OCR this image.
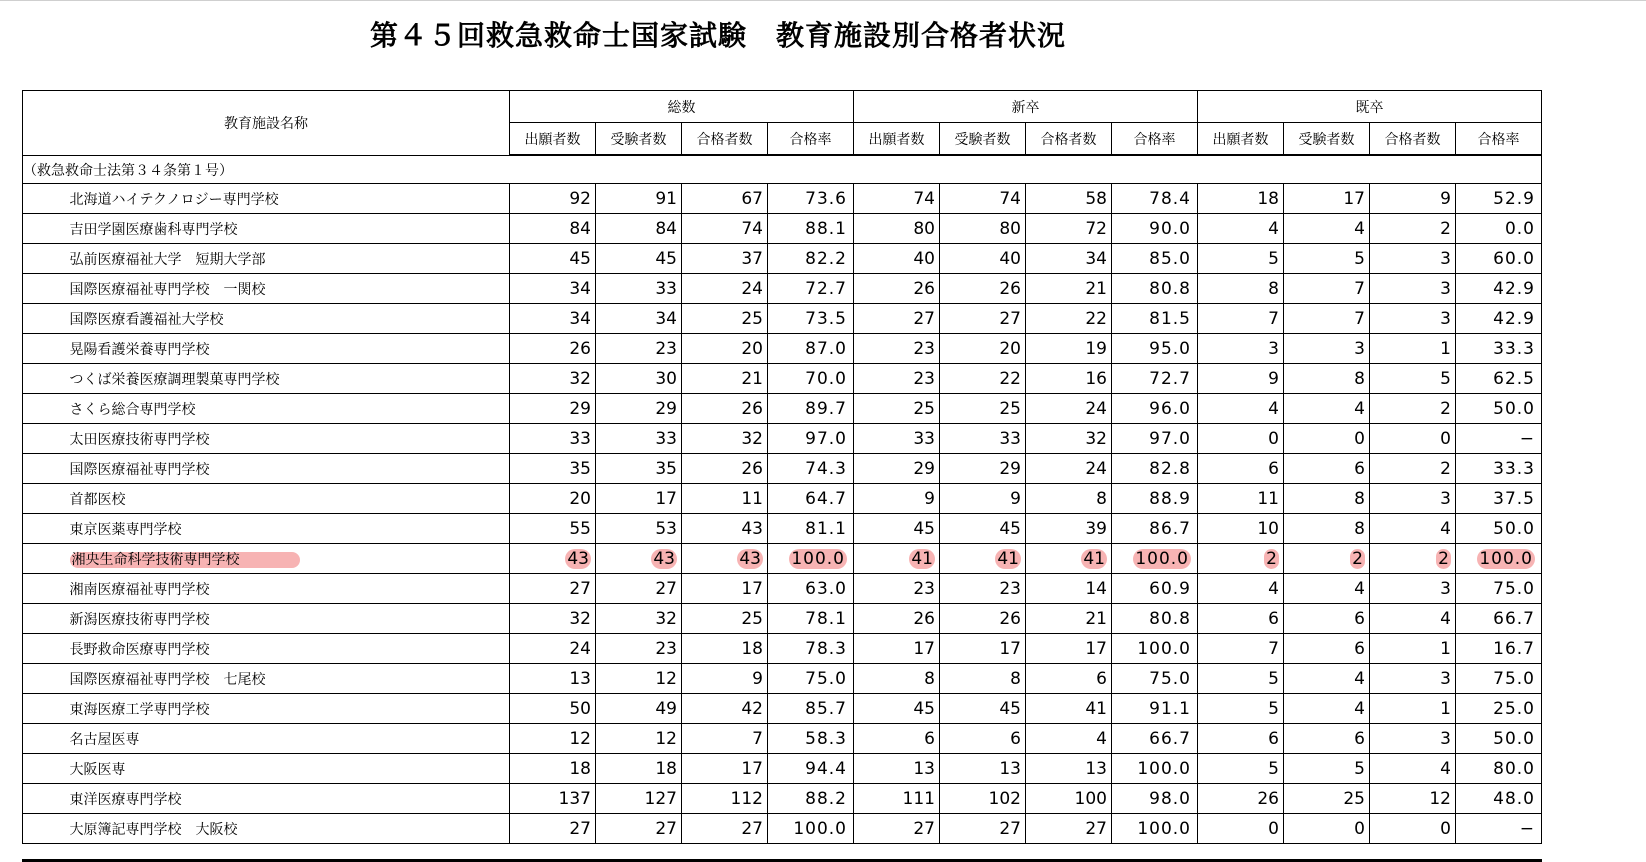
第４５回救急救命士国家試験　教育施設別合格者状況
教育施設名称		総数				新卒				既卒			
		出願者数	受験者数	合格者数	合格率	出願者数	受験者数	合格者数	合格率	出願者数	受験者数	合格者数	合格率
（救急救命士法第３４条第１号）													
	北海道ハイテクノロジー専門学校	92	91	67	73.6	74	74	58	78.4	18	17	9	52.9
	吉田学園医療歯科専門学校	84	84	74	88.1	80	80	72	90.0	4	4	2	0.0
	弘前医療福祉大学　短期大学部	45	45	37	82.2	40	40	34	85.0	5	5	3	60.0
	国際医療福祉専門学校　一関校	34	33	24	72.7	26	26	21	80.8	8	7	3	42.9
	国際医療看護福祉大学校	34	34	25	73.5	27	27	22	81.5	7	7	3	42.9
	晃陽看護栄養専門学校	26	23	20	87.0	23	20	19	95.0	3	3	1	33.3
	つくば栄養医療調理製菓専門学校	32	30	21	70.0	23	22	16	72.7	9	8	5	62.5
	さくら総合専門学校	29	29	26	89.7	25	25	24	96.0	4	4	2	50.0
	太田医療技術専門学校	33	33	32	97.0	33	33	32	97.0	0	0	0	−
	国際医療福祉専門学校	35	35	26	74.3	29	29	24	82.8	6	6	2	33.3
	首都医校	20	17	11	64.7	9	9	8	88.9	11	8	3	37.5
	東京医薬専門学校	55	53	43	81.1	45	45	39	86.7	10	8	4	50.0
	湘央生命科学技術専門学校	43	43	43	100.0	41	41	41	100.0	2	2	2	100.0
	湘南医療福祉専門学校	27	27	17	63.0	23	23	14	60.9	4	4	3	75.0
	新潟医療技術専門学校	32	32	25	78.1	26	26	21	80.8	6	6	4	66.7
	長野救命医療専門学校	24	23	18	78.3	17	17	17	100.0	7	6	1	16.7
	国際医療福祉専門学校　七尾校	13	12	9	75.0	8	8	6	75.0	5	4	3	75.0
	東海医療工学専門学校	50	49	42	85.7	45	45	41	91.1	5	4	1	25.0
	名古屋医専	12	12	7	58.3	6	6	4	66.7	6	6	3	50.0
	大阪医専	18	18	17	94.4	13	13	13	100.0	5	5	4	80.0
	東洋医療専門学校	137	127	112	88.2	111	102	100	98.0	26	25	12	48.0
	大原簿記専門学校　大阪校	27	27	27	100.0	27	27	27	100.0	0	0	0	−
